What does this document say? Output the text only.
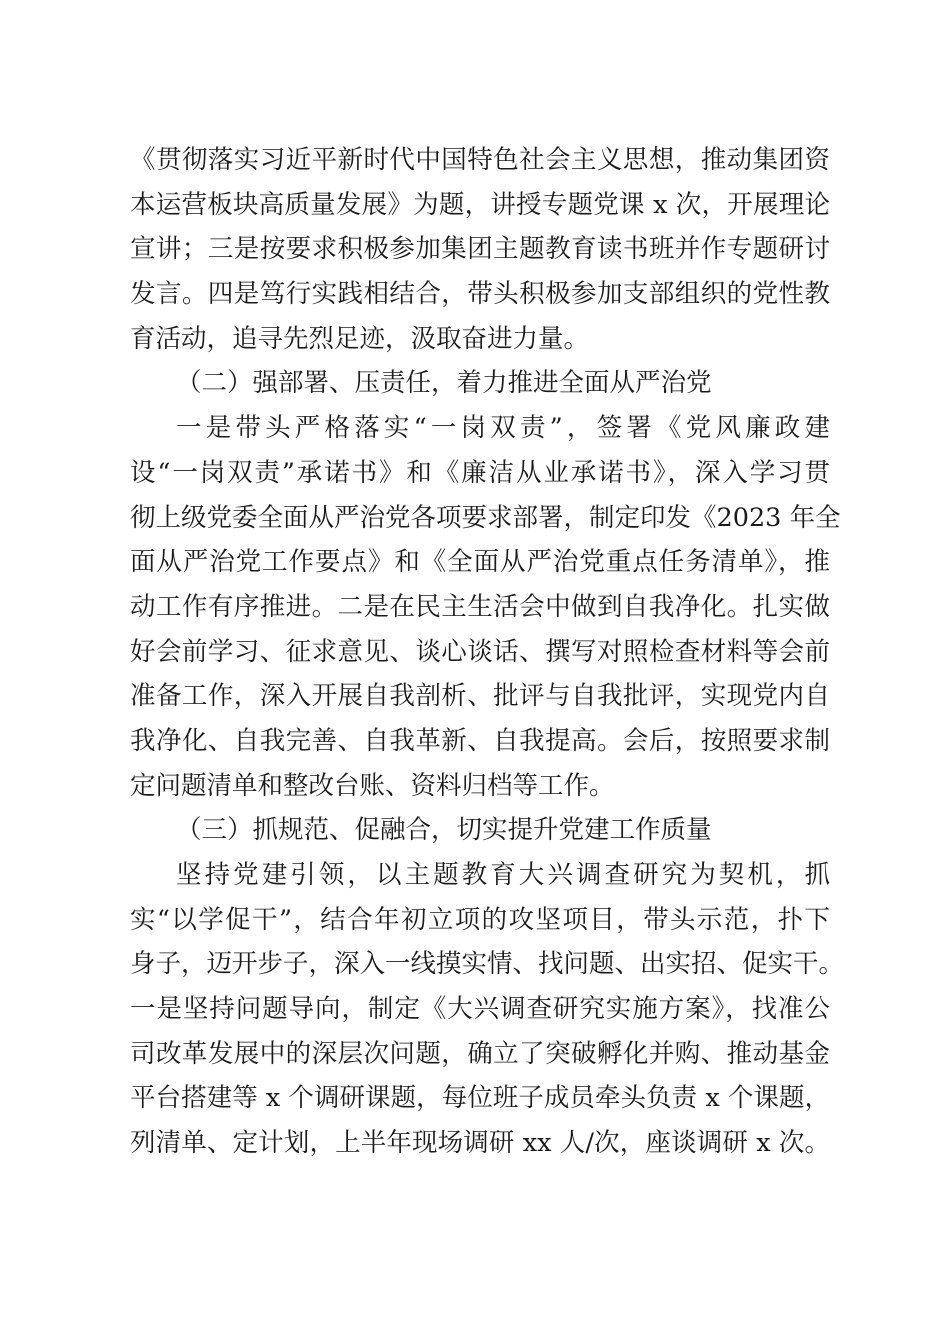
《贯彻落实习近平新时代中国特色社会主义思想，推动集团资
本运营板块高质量发展》为题，讲授专题党课 x 次，开展理论
宣讲；三是按要求积极参加集团主题教育读书班并作专题研讨
发言。四是笃行实践相结合，带头积极参加支部组织的党性教
育活动，追寻先烈足迹，汲取奋进力量。
（二）强部署、压责任，着力推进全面从严治党
一是带头严格落实“一岗双责”，签署《党风廉政建
设“一岗双责”承诺书》和《廉洁从业承诺书》，深入学习贯
彻上级党委全面从严治党各项要求部署，制定印发《2023 年全
面从严治党工作要点》和《全面从严治党重点任务清单》，推
动工作有序推进。二是在民主生活会中做到自我净化。扎实做
好会前学习、征求意见、谈心谈话、撰写对照检查材料等会前
准备工作，深入开展自我剖析、批评与自我批评，实现党内自
我净化、自我完善、自我革新、自我提高。会后，按照要求制
定问题清单和整改台账、资料归档等工作。
（三）抓规范、促融合，切实提升党建工作质量
坚持党建引领，以主题教育大兴调查研究为契机，抓
实“以学促干”，结合年初立项的攻坚项目，带头示范，扑下
身子，迈开步子，深入一线摸实情、找问题、出实招、促实干。
一是坚持问题导向，制定《大兴调查研究实施方案》，找准公
司改革发展中的深层次问题，确立了突破孵化并购、推动基金
平台搭建等 x 个调研课题，每位班子成员牵头负责 x 个课题，
列清单、定计划，上半年现场调研 xx 人/次，座谈调研 x 次。
